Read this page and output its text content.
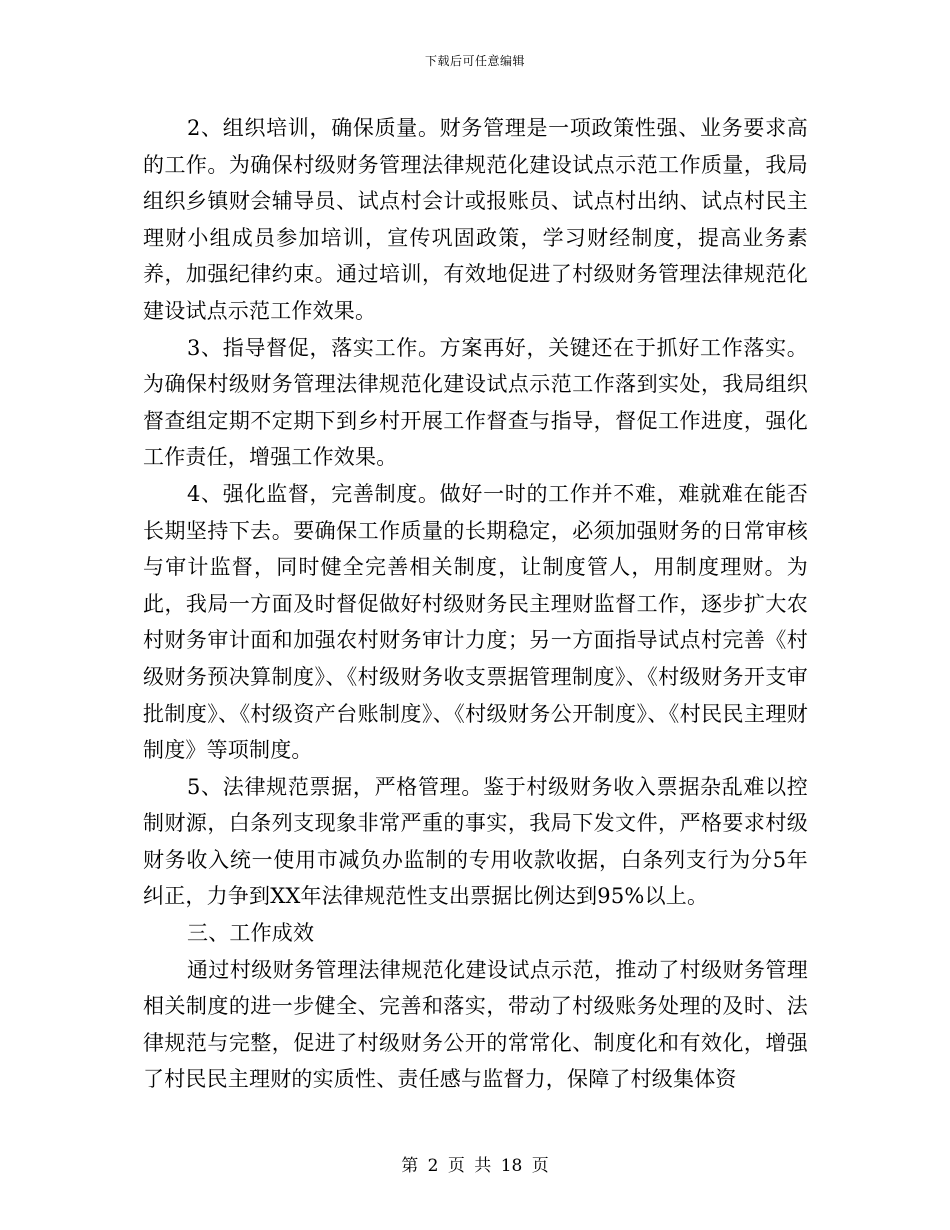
下载后可任意编辑

2、组织培训，确保质量。财务管理是一项政策性强、业务要求高的工作。为确保村级财务管理法律规范化建设试点示范工作质量，我局组织乡镇财会辅导员、试点村会计或报账员、试点村出纳、试点村民主理财小组成员参加培训，宣传巩固政策，学习财经制度，提高业务素养，加强纪律约束。通过培训，有效地促进了村级财务管理法律规范化建设试点示范工作效果。

3、指导督促，落实工作。方案再好，关键还在于抓好工作落实。为确保村级财务管理法律规范化建设试点示范工作落到实处，我局组织督查组定期不定期下到乡村开展工作督查与指导，督促工作进度，强化工作责任，增强工作效果。

4、强化监督，完善制度。做好一时的工作并不难，难就难在能否长期坚持下去。要确保工作质量的长期稳定，必须加强财务的日常审核与审计监督，同时健全完善相关制度，让制度管人，用制度理财。为此，我局一方面及时督促做好村级财务民主理财监督工作，逐步扩大农村财务审计面和加强农村财务审计力度；另一方面指导试点村完善《村级财务预决算制度》、《村级财务收支票据管理制度》、《村级财务开支审批制度》、《村级资产台账制度》、《村级财务公开制度》、《村民民主理财制度》等项制度。

5、法律规范票据，严格管理。鉴于村级财务收入票据杂乱难以控制财源，白条列支现象非常严重的事实，我局下发文件，严格要求村级财务收入统一使用市减负办监制的专用收款收据，白条列支行为分5年纠正，力争到XX年法律规范性支出票据比例达到95%以上。

三、工作成效

通过村级财务管理法律规范化建设试点示范，推动了村级财务管理相关制度的进一步健全、完善和落实，带动了村级账务处理的及时、法律规范与完整，促进了村级财务公开的常常化、制度化和有效化，增强了村民民主理财的实质性、责任感与监督力，保障了村级集体资

第 2 页 共 18 页
